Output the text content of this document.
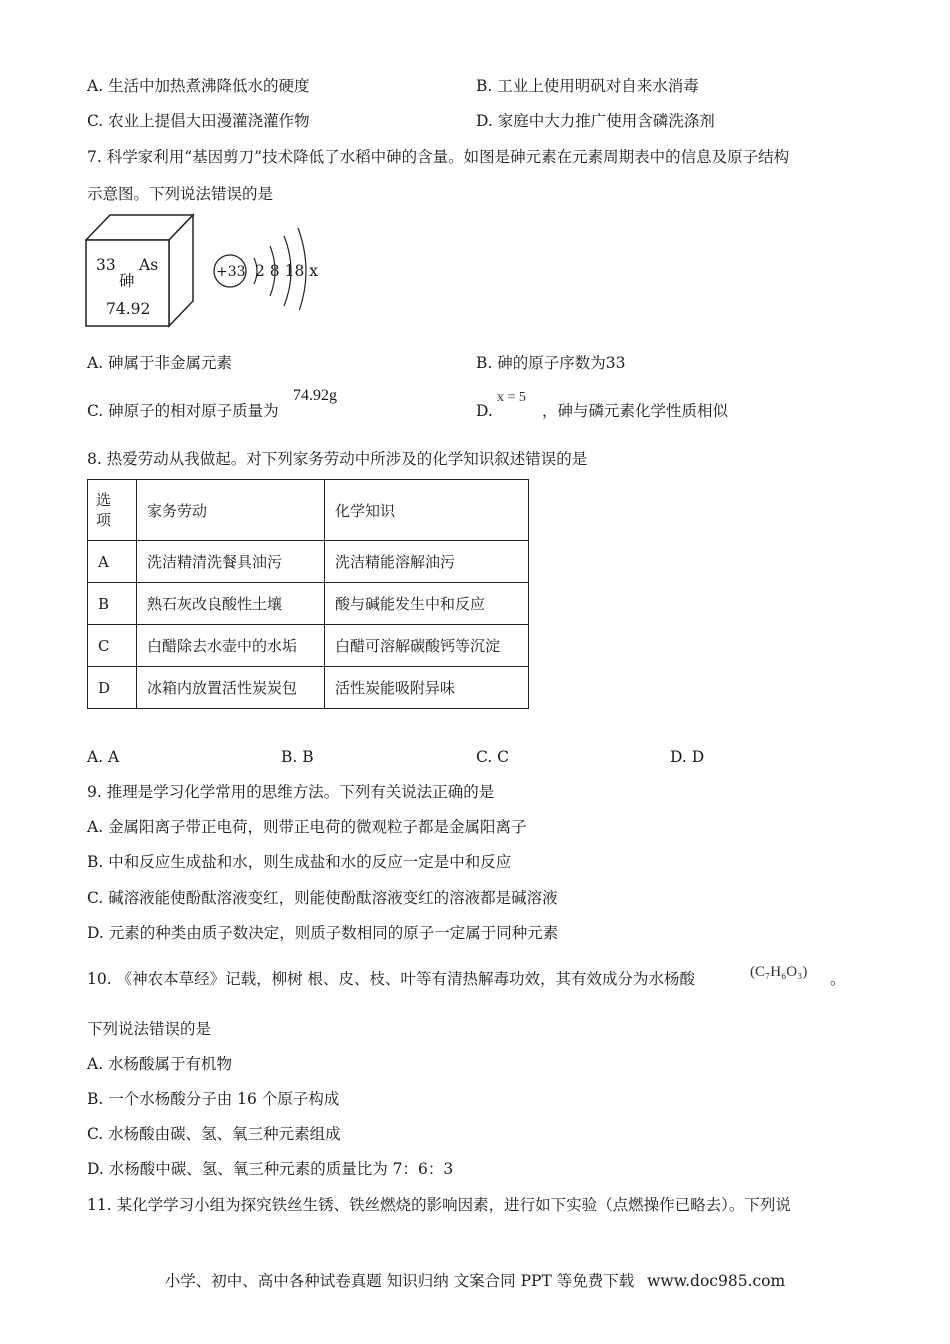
A. 生活中加热煮沸降低水的硬度	B. 工业上使用明矾对自来水消毒
C. 农业上提倡大田漫灌浇灌作物	D. 家庭中大力推广使用含磷洗涤剂
7. 科学家利用“基因剪刀”技术降低了水稻中砷的含量。如图是砷元素在元素周期表中的信息及原子结构
示意图。下列说法错误的是
33 As
砷
74.92
+33 2 8 18 x
A. 砷属于非金属元素	B. 砷的原子序数为33
C. 砷原子的相对原子质量为
74.92g
D.
x = 5
，砷与磷元素化学性质相似
8. 热爱劳动从我做起。对下列家务劳动中所涉及的化学知识叙述错误的是
选项	家务劳动	化学知识
A	洗洁精清洗餐具油污	洗洁精能溶解油污
B	熟石灰改良酸性土壤	酸与碱能发生中和反应
C	白醋除去水壶中的水垢	白醋可溶解碳酸钙等沉淀
D	冰箱内放置活性炭炭包	活性炭能吸附异味
A. A	B. B	C. C	D. D
9. 推理是学习化学常用的思维方法。下列有关说法正确的是
A. 金属阳离子带正电荷，则带正电荷的微观粒子都是金属阳离子
B. 中和反应生成盐和水，则生成盐和水的反应一定是中和反应
C. 碱溶液能使酚酞溶液变红，则能使酚酞溶液变红的溶液都是碱溶液
D. 元素的种类由质子数决定，则质子数相同的原子一定属于同种元素
10. 《神农本草经》记载，柳树 根、皮、枝、叶等有清热解毒功效，其有效成分为水杨酸	(C₇H₆O₃) 。
下列说法错误的是
A. 水杨酸属于有机物
B. 一个水杨酸分子由 16 个原子构成
C. 水杨酸由碳、氢、氧三种元素组成
D. 水杨酸中碳、氢、氧三种元素的质量比为 7：6：3
11. 某化学学习小组为探究铁丝生锈、铁丝燃烧的影响因素，进行如下实验（点燃操作已略去）。下列说
小学、初中、高中各种试卷真题 知识归纳 文案合同 PPT 等免费下载 www.doc985.com
